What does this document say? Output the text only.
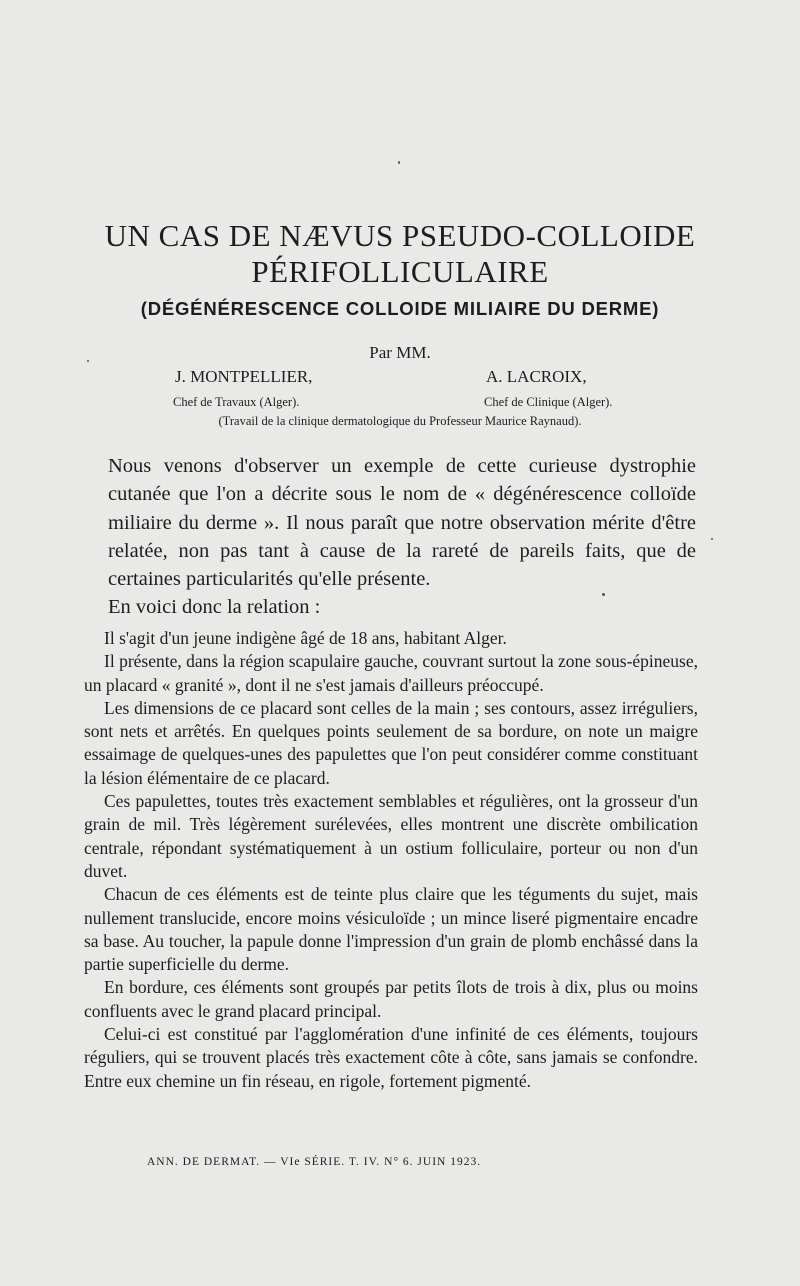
UN CAS DE NÆVUS PSEUDO-COLLOIDE
PÉRIFOLLICULAIRE
(DÉGÉNÉRESCENCE COLLOIDE MILIAIRE DU DERME)
Par MM.
J. MONTPELLIER,	A. LACROIX,
Chef de Travaux (Alger).	Chef de Clinique (Alger).
(Travail de la clinique dermatologique du Professeur Maurice Raynaud).

Nous venons d'observer un exemple de cette curieuse dystrophie cutanée que l'on a décrite sous le nom de « dégénérescence colloïde miliaire du derme ». Il nous paraît que notre observation mérite d'être relatée, non pas tant à cause de la rareté de pareils faits, que de certaines particularités qu'elle présente.

En voici donc la relation :

Il s'agit d'un jeune indigène âgé de 18 ans, habitant Alger.

Il présente, dans la région scapulaire gauche, couvrant surtout la zone sous-épineuse, un placard « granité », dont il ne s'est jamais d'ailleurs préoccupé.

Les dimensions de ce placard sont celles de la main ; ses contours, assez irréguliers, sont nets et arrêtés. En quelques points seulement de sa bordure, on note un maigre essaimage de quelques-unes des papulettes que l'on peut considérer comme constituant la lésion élémentaire de ce placard.

Ces papulettes, toutes très exactement semblables et régulières, ont la grosseur d'un grain de mil. Très légèrement surélevées, elles montrent une discrète ombilication centrale, répondant systématiquement à un ostium folliculaire, porteur ou non d'un duvet.

Chacun de ces éléments est de teinte plus claire que les téguments du sujet, mais nullement translucide, encore moins vésiculoïde ; un mince liseré pigmentaire encadre sa base. Au toucher, la papule donne l'impression d'un grain de plomb enchâssé dans la partie superficielle du derme.

En bordure, ces éléments sont groupés par petits îlots de trois à dix, plus ou moins confluents avec le grand placard principal.

Celui-ci est constitué par l'agglomération d'une infinité de ces éléments, toujours réguliers, qui se trouvent placés très exactement côte à côte, sans jamais se confondre. Entre eux chemine un fin réseau, en rigole, fortement pigmenté.

ANN. DE DERMAT. — VIe SÉRIE. T. IV. N° 6. JUIN 1923.
